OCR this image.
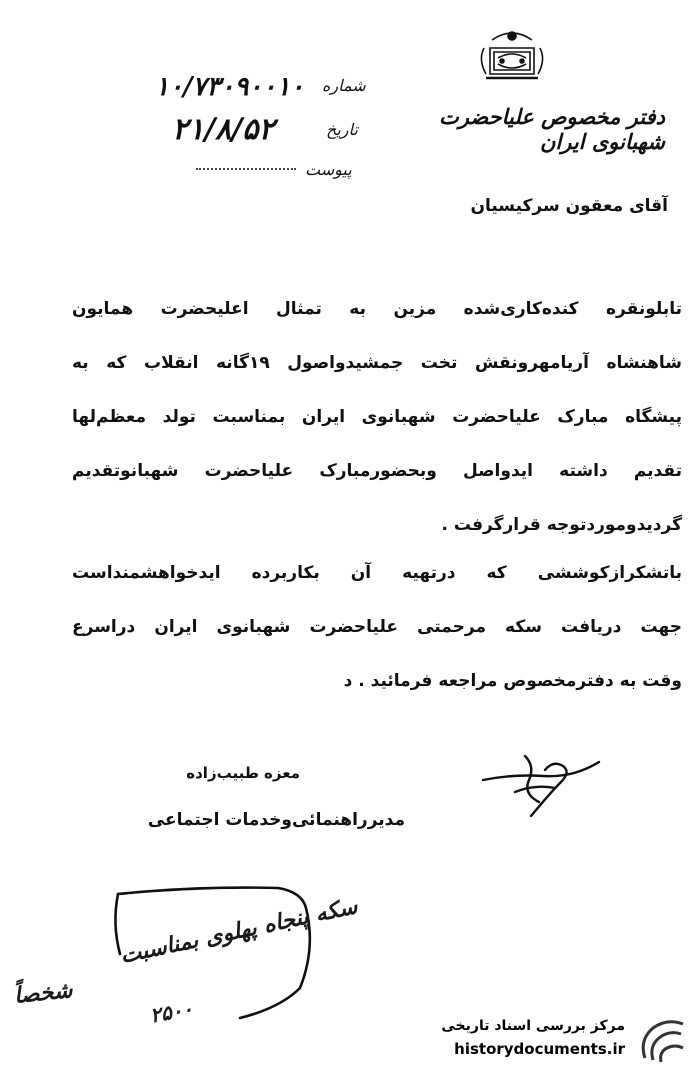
دفتر مخصوص علیاحضرت شهبانوی ایران
شماره
۱۰/۷۳۰۹۰۰۱۰
تاریخ
۲۱/۸/۵۲
پیوست
آقای معقون سرکیسیان
تابلونقره کنده‌کاری‌شده مزین به تمثال اعلیحضرت همایون
شاهنشاه آریامهرونقش تخت جمشیدواصول ۱۹گانه انقلاب که به
پیشگاه مبارک علیاحضرت شهبانوی ایران بمناسبت تولد معظم‌لها
تقدیم داشته ایدواصل وبحضورمبارک علیاحضرت شهبانوتقدیم
گردیدوموردتوجه قرارگرفت .
باتشکرازکوششی که درتهیه آن بکاربرده ایدخواهشمنداست
جهت دریافت سکه مرحمتی علیاحضرت شهبانوی ایران دراسرع
وقت به دفترمخصوص مراجعه فرمائید . د
معزه طبیب‌زاده
مدیرراهنمائی‌وخدمات اجتماعی
سکه پنجاه پهلوی بمناسبت
۲۵۰۰
شخصاً
مرکز بررسی اسناد تاریخی
historydocuments.ir
